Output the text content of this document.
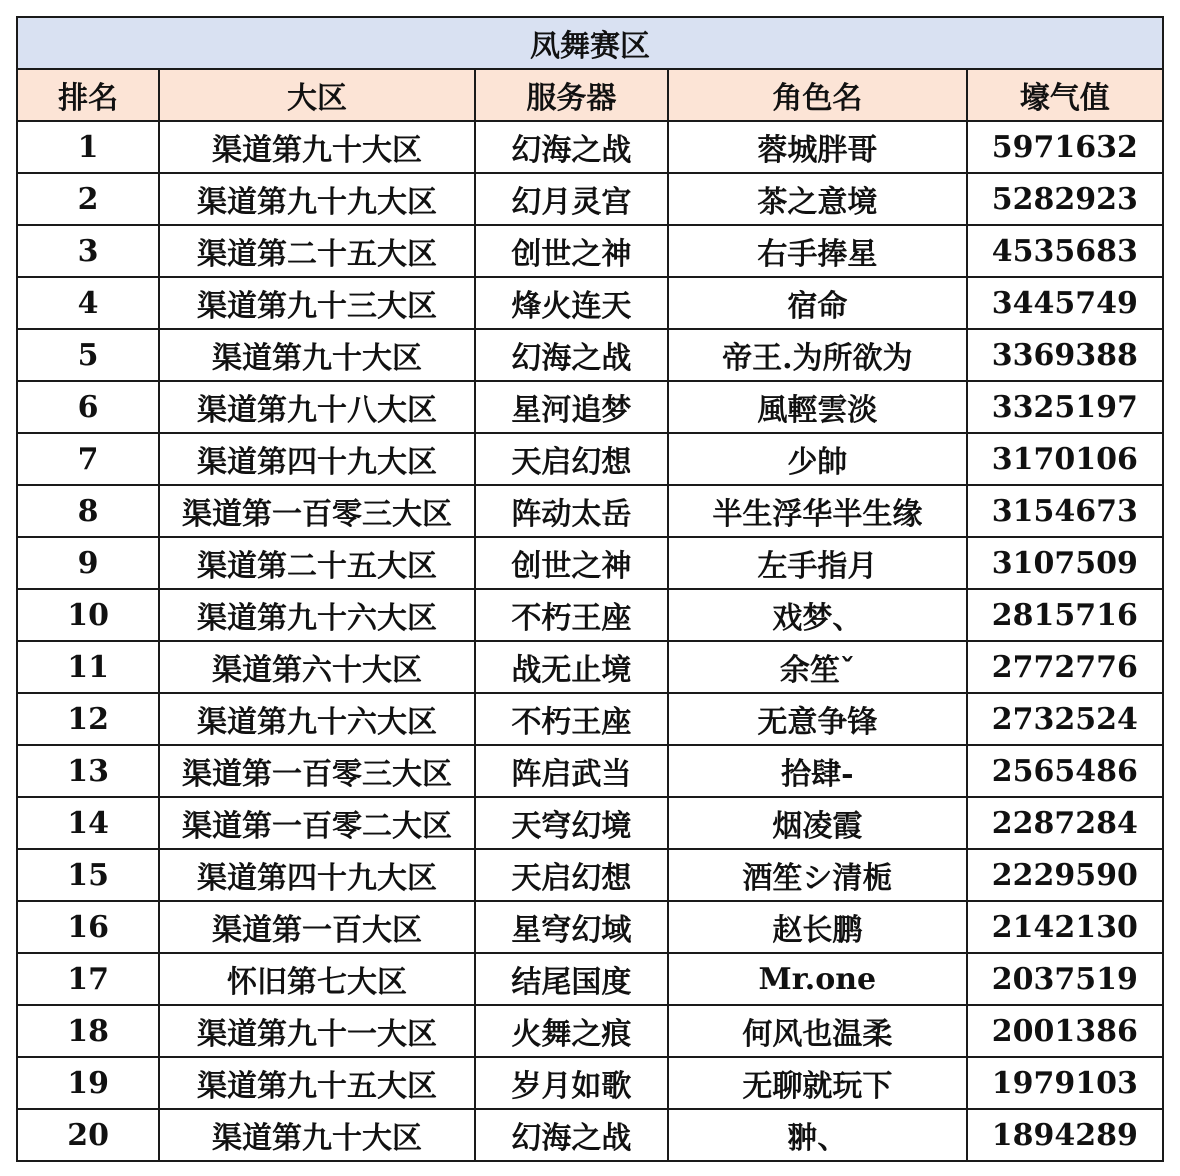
凤舞赛区				
排名	大区	服务器	角色名	壕气值
1	渠道第九十大区	幻海之战	蓉城胖哥	5971632
2	渠道第九十九大区	幻月灵宫	茶之意境	5282923
3	渠道第二十五大区	创世之神	右手捧星	4535683
4	渠道第九十三大区	烽火连天	宿命	3445749
5	渠道第九十大区	幻海之战	帝王.为所欲为	3369388
6	渠道第九十八大区	星河追梦	風輕雲淡	3325197
7	渠道第四十九大区	天启幻想	少帥	3170106
8	渠道第一百零三大区	阵动太岳	半生浮华半生缘	3154673
9	渠道第二十五大区	创世之神	左手指月	3107509
10	渠道第九十六大区	不朽王座	戏梦、	2815716
11	渠道第六十大区	战无止境	余笙ˇ	2772776
12	渠道第九十六大区	不朽王座	无意争锋	2732524
13	渠道第一百零三大区	阵启武当	拾肆-	2565486
14	渠道第一百零二大区	天穹幻境	烟凌霞	2287284
15	渠道第四十九大区	天启幻想	酒笙シ清栀	2229590
16	渠道第一百大区	星穹幻域	赵长鹏	2142130
17	怀旧第七大区	结尾国度	Mr.one	2037519
18	渠道第九十一大区	火舞之痕	何风也温柔	2001386
19	渠道第九十五大区	岁月如歌	无聊就玩下	1979103
20	渠道第九十大区	幻海之战	翀、	1894289
